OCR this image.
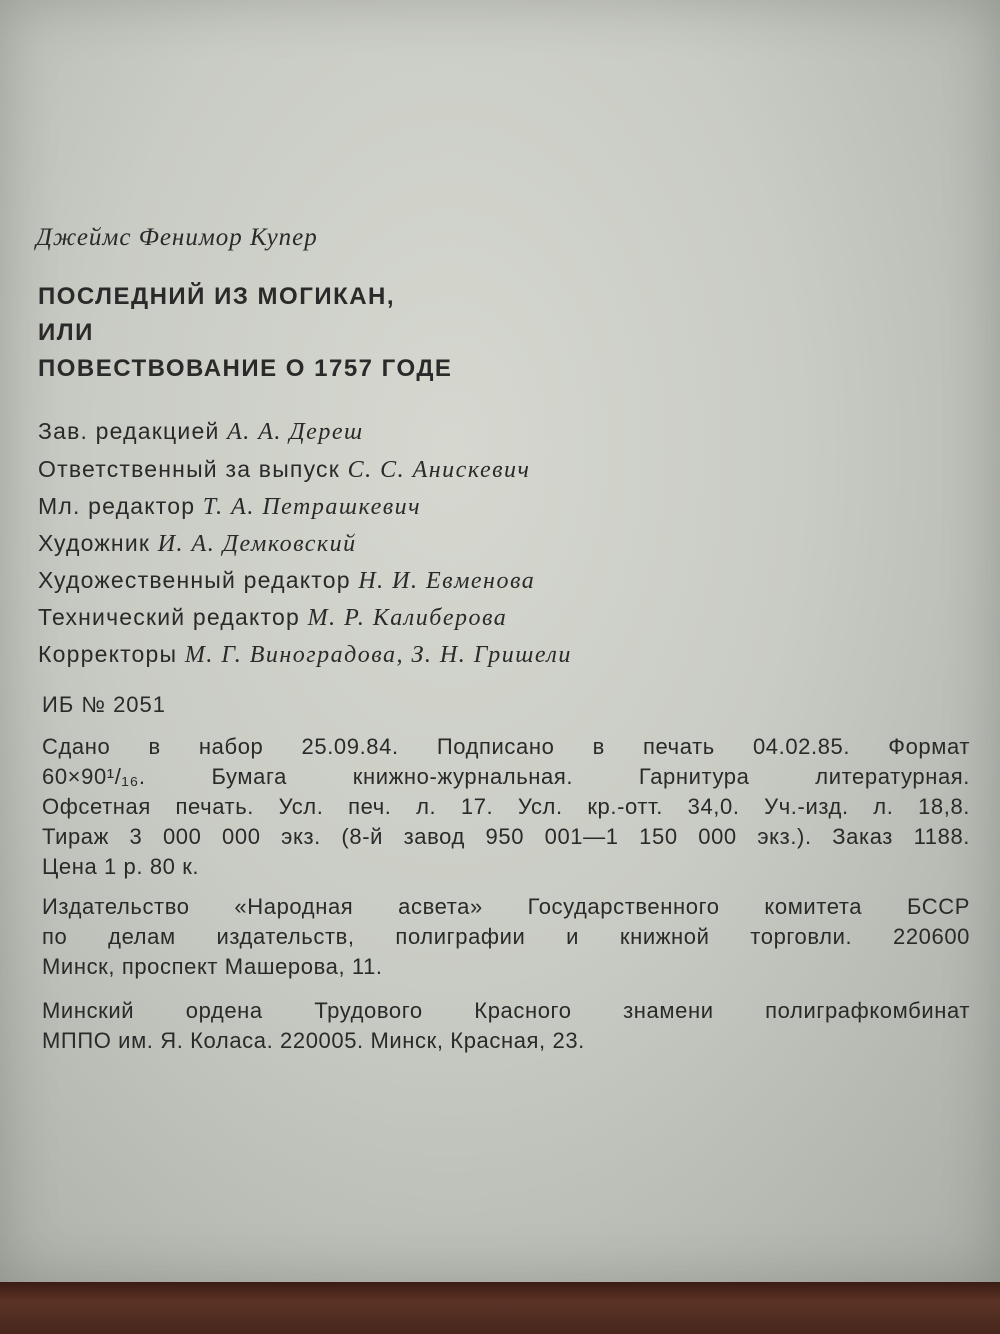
Джеймс Фенимор Купер
ПОСЛЕДНИЙ ИЗ МОГИКАН,
ИЛИ
ПОВЕСТВОВАНИЕ О 1757 ГОДЕ
Зав. редакцией А. А. Дереш
Ответственный за выпуск С. С. Анискевич
Мл. редактор Т. А. Петрашкевич
Художник И. А. Демковский
Художественный редактор Н. И. Евменова
Технический редактор М. Р. Калиберова
Корректоры М. Г. Виноградова, З. Н. Гришели
ИБ № 2051
Сдано в набор 25.09.84. Подписано в печать 04.02.85. Формат
60×90¹/₁₆. Бумага книжно-журнальная. Гарнитура литературная.
Офсетная печать. Усл. печ. л. 17. Усл. кр.-отт. 34,0. Уч.-изд. л. 18,8.
Тираж 3 000 000 экз. (8-й завод 950 001—1 150 000 экз.). Заказ 1188.
Цена 1 р. 80 к.
Издательство «Народная асвета» Государственного комитета БССР
по делам издательств, полиграфии и книжной торговли. 220600
Минск, проспект Машерова, 11.
Минский ордена Трудового Красного знамени полиграфкомбинат
МППО им. Я. Коласа. 220005. Минск, Красная, 23.
